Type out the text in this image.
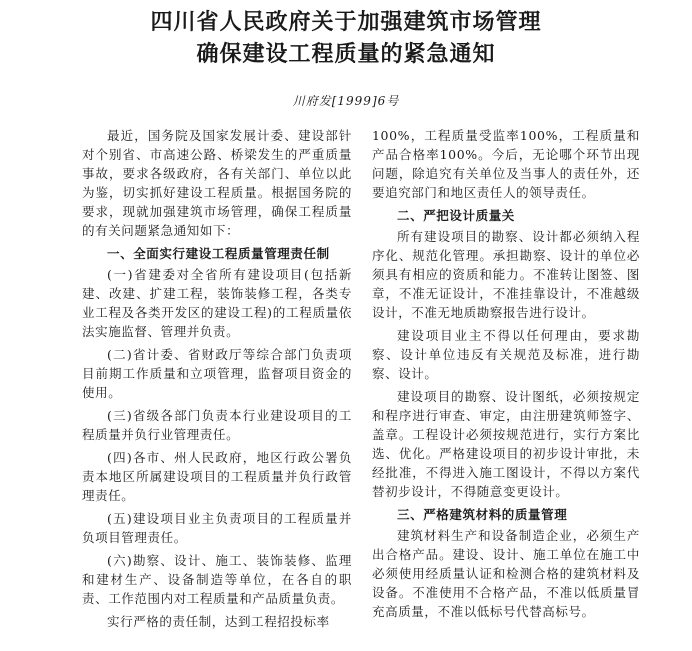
四川省人民政府关于加强建筑市场管理
确保建设工程质量的紧急通知
川府发[1999]6号

最近，国务院及国家发展计委、建设部针对个别省、市高速公路、桥梁发生的严重质量事故，要求各级政府，各有关部门、单位以此为鉴，切实抓好建设工程质量。根据国务院的要求，现就加强建筑市场管理，确保工程质量的有关问题紧急通知如下：

一、全面实行建设工程质量管理责任制

(一)省建委对全省所有建设项目(包括新建、改建、扩建工程，装饰装修工程，各类专业工程及各类开发区的建设工程)的工程质量依法实施监督、管理并负责。

(二)省计委、省财政厅等综合部门负责项目前期工作质量和立项管理，监督项目资金的使用。

(三)省级各部门负责本行业建设项目的工程质量并负行业管理责任。

(四)各市、州人民政府，地区行政公署负责本地区所属建设项目的工程质量并负行政管理责任。

(五)建设项目业主负责项目的工程质量并负项目管理责任。

(六)勘察、设计、施工、装饰装修、监理和建材生产、设备制造等单位，在各自的职责、工作范围内对工程质量和产品质量负责。

实行严格的责任制，达到工程招投标率

100%，工程质量受监率100%，工程质量和产品合格率100%。今后，无论哪个环节出现问题，除追究有关单位及当事人的责任外，还要追究部门和地区责任人的领导责任。

二、严把设计质量关

所有建设项目的勘察、设计都必须纳入程序化、规范化管理。承担勘察、设计的单位必须具有相应的资质和能力。不准转让图签、图章，不准无证设计，不准挂靠设计，不准越级设计，不准无地质勘察报告进行设计。

建设项目业主不得以任何理由，要求勘察、设计单位违反有关规范及标准，进行勘察、设计。

建设项目的勘察、设计图纸，必须按规定和程序进行审查、审定，由注册建筑师签字、盖章。工程设计必须按规范进行，实行方案比选、优化。严格建设项目的初步设计审批，未经批准，不得进入施工图设计，不得以方案代替初步设计，不得随意变更设计。

三、严格建筑材料的质量管理

建筑材料生产和设备制造企业，必须生产出合格产品。建设、设计、施工单位在施工中必须使用经质量认证和检测合格的建筑材料及设备。不准使用不合格产品，不准以低质量冒充高质量，不准以低标号代替高标号。
